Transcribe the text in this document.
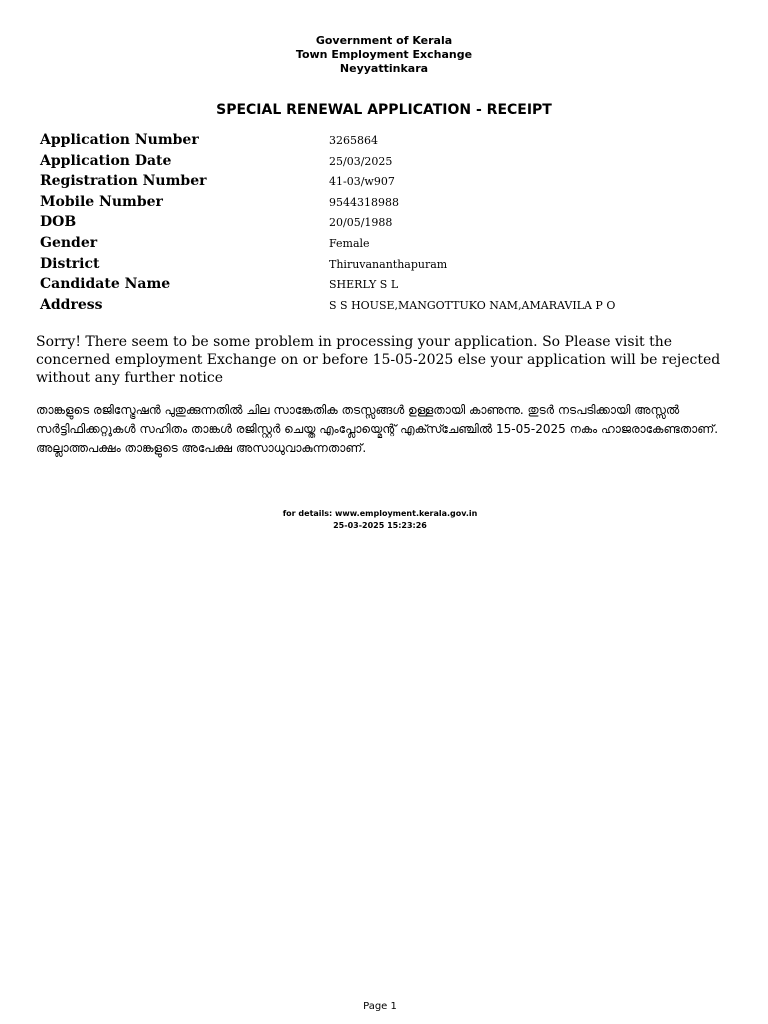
Government of Kerala
Town Employment Exchange
Neyyattinkara
SPECIAL RENEWAL APPLICATION - RECEIPT
Application Number	3265864
Application Date	25/03/2025
Registration Number	41-03/w907
Mobile Number	9544318988
DOB	20/05/1988
Gender	Female
District	Thiruvananthapuram
Candidate Name	SHERLY S L
Address	S S HOUSE,MANGOTTUKO NAM,AMARAVILA P O
Sorry! There seem to be some problem in processing your application. So Please visit the concerned employment Exchange on or before 15-05-2025 else your application will be rejected without any further notice
താങ്കളുടെ രജിസ്ട്രേഷൻ പുതുക്കുന്നതിൽ ചില സാങ്കേതിക തടസ്സങ്ങൾ ഉള്ളതായി കാണുന്നു. തുടർ നടപടിക്കായി അസ്സൽ സർട്ടിഫിക്കറ്റുകൾ സഹിതം താങ്കൾ രജിസ്റ്റർ ചെയ്ത എംപ്ലോയ്മെന്റ് എക്സ്ചേഞ്ചിൽ 15-05-2025 നകം ഹാജരാകേണ്ടതാണ്. അല്ലാത്തപക്ഷം താങ്കളുടെ അപേക്ഷ അസാധുവാകുന്നതാണ്.
for details: www.employment.kerala.gov.in
25-03-2025 15:23:26
Page 1
